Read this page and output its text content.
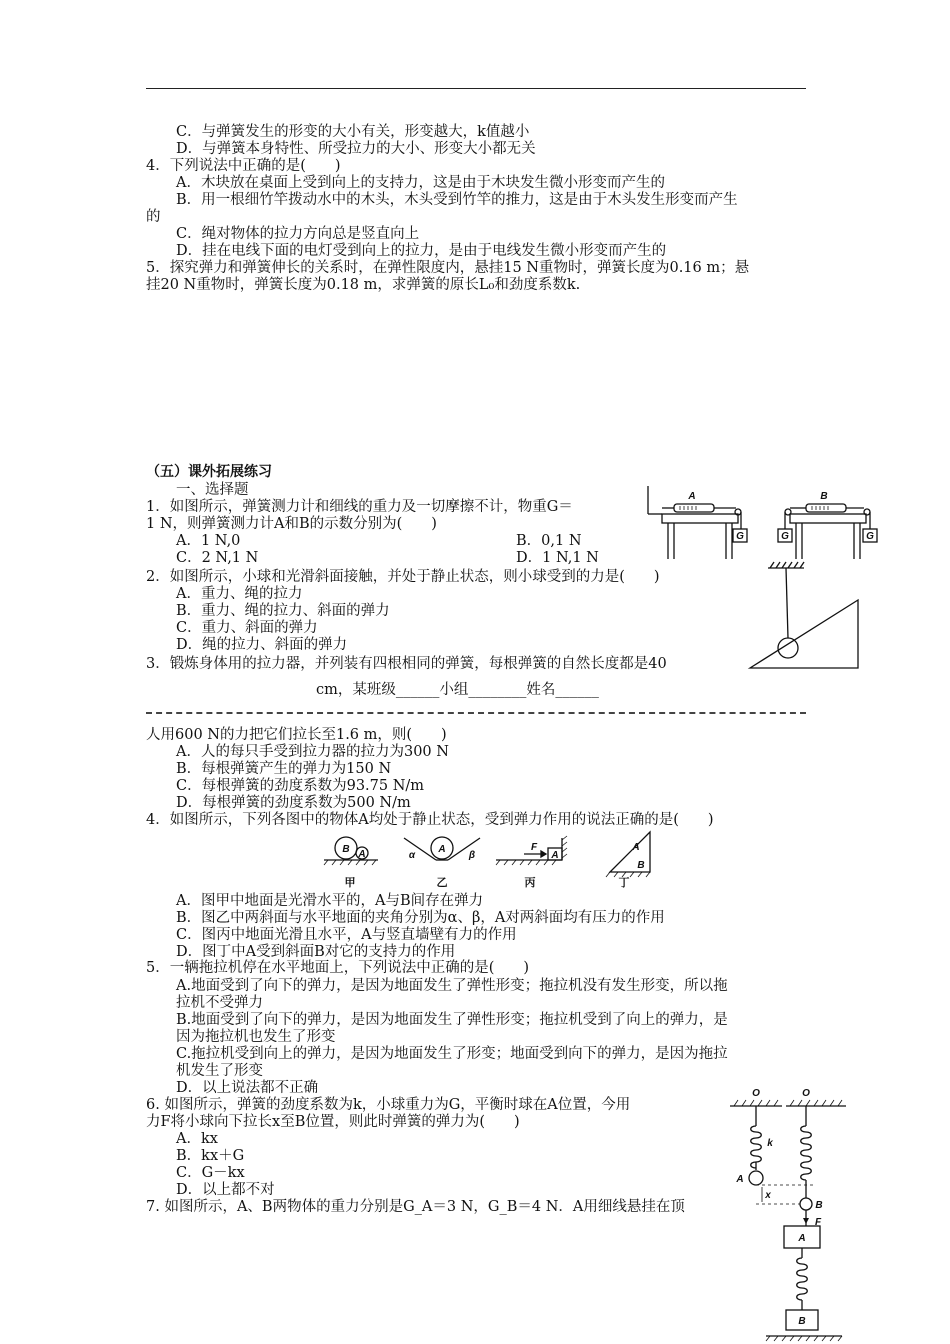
C．与弹簧发生的形变的大小有关，形变越大，k值越小
D．与弹簧本身特性、所受拉力的大小、形变大小都无关
4．下列说法中正确的是(　　)
A．木块放在桌面上受到向上的支持力，这是由于木块发生微小形变而产生的
B．用一根细竹竿拨动水中的木头，木头受到竹竿的推力，这是由于木头发生形变而产生
的
C．绳对物体的拉力方向总是竖直向上
D．挂在电线下面的电灯受到向上的拉力，是由于电线发生微小形变而产生的
5．探究弹力和弹簧伸长的关系时，在弹性限度内，悬挂15 N重物时，弹簧长度为0.16 m；悬
挂20 N重物时，弹簧长度为0.18 m，求弹簧的原长L₀和劲度系数k.
（五）课外拓展练习
一、选择题
1．如图所示，弹簧测力计和细线的重力及一切摩擦不计，物重G＝
1 N，则弹簧测力计A和B的示数分别为(　　)
A．1 N,0	B．0,1 N
C．2 N,1 N	D．1 N,1 N
A	B
G	G	G
2．如图所示，小球和光滑斜面接触，并处于静止状态，则小球受到的力是(　　)
A．重力、绳的拉力
B．重力、绳的拉力、斜面的弹力
C．重力、斜面的弹力
D．绳的拉力、斜面的弹力
3．锻炼身体用的拉力器，并列装有四根相同的弹簧，每根弹簧的自然长度都是40
cm，某班级______小组________姓名______
人用600 N的力把它们拉长至1.6 m，则(　　)
A．人的每只手受到拉力器的拉力为300 N
B．每根弹簧产生的弹力为150 N
C．每根弹簧的劲度系数为93.75 N/m
D．每根弹簧的劲度系数为500 N/m
4．如图所示，下列各图中的物体A均处于静止状态，受到弹力作用的说法正确的是(　　)
B A	A
α	β
F
A
A
B
甲	乙	丙	丁
A．图甲中地面是光滑水平的，A与B间存在弹力
B．图乙中两斜面与水平地面的夹角分别为α、β，A对两斜面均有压力的作用
C．图丙中地面光滑且水平，A与竖直墙壁有力的作用
D．图丁中A受到斜面B对它的支持力的作用
5．一辆拖拉机停在水平地面上，下列说法中正确的是(　　)
A.地面受到了向下的弹力，是因为地面发生了弹性形变；拖拉机没有发生形变，所以拖
拉机不受弹力
B.地面受到了向下的弹力，是因为地面发生了弹性形变；拖拉机受到了向上的弹力，是
因为拖拉机也发生了形变
C.拖拉机受到向上的弹力，是因为地面发生了形变；地面受到向下的弹力，是因为拖拉
机发生了形变
D．以上说法都不正确
6. 如图所示，弹簧的劲度系数为k，小球重力为G，平衡时球在A位置，今用
力F将小球向下拉长x至B位置，则此时弹簧的弹力为(　　)
A．kx
B．kx＋G
C．G－kx
D．以上都不对
7. 如图所示，A、B两物体的重力分别是G_A＝3 N，G_B＝4 N．A用细线悬挂在顶
O	O
k
A
x
B
F
A
B
